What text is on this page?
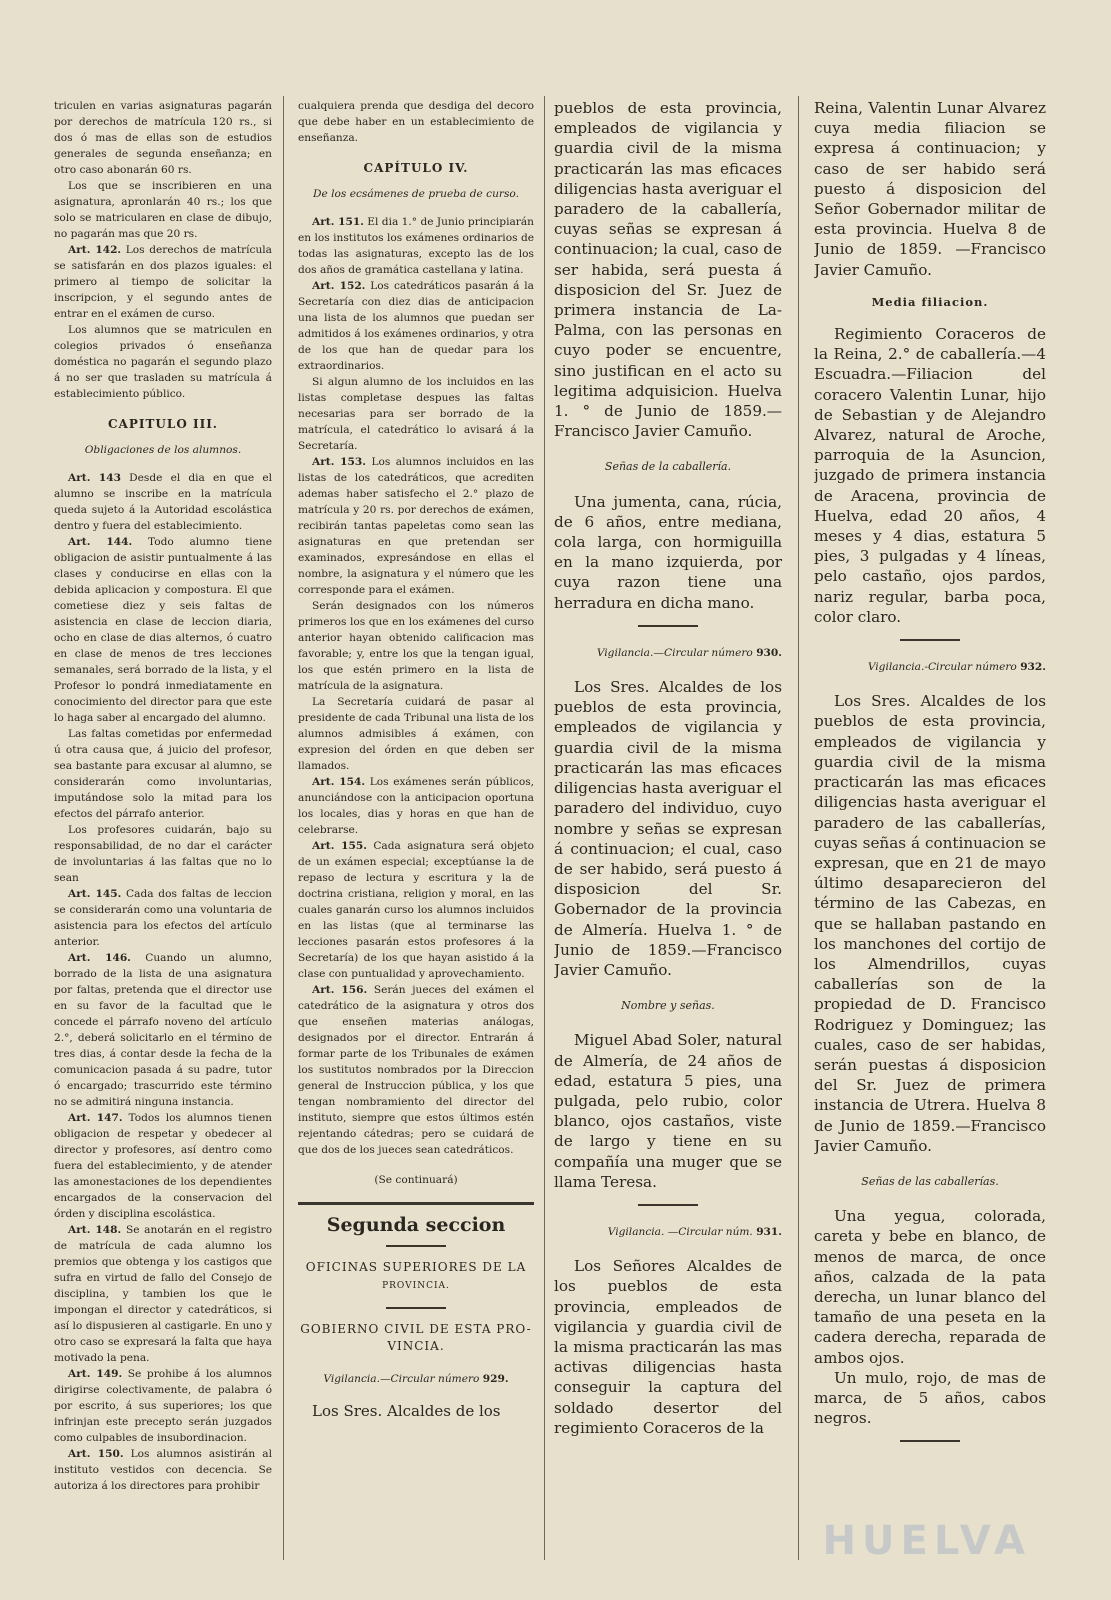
triculen en varias asignaturas pagarán por derechos de matrícula 120 rs., si dos ó mas de ellas son de estudios generales de segunda enseñanza; en otro caso abonarán 60 rs.

Los que se inscribieren en una asignatura, apronlarán 40 rs.; los que solo se matricularen en clase de dibujo, no pagarán mas que 20 rs.

Art. 142. Los derechos de matrícula se satisfarán en dos plazos iguales: el primero al tiempo de solicitar la inscripcion, y el segundo antes de entrar en el exámen de curso.

Los alumnos que se matriculen en colegios privados ó enseñanza doméstica no pagarán el segundo plazo á no ser que trasladen su matrícula á establecimiento público.

CAPITULO III.

Obligaciones de los alumnos.

Art. 143 Desde el dia en que el alumno se inscribe en la matrícula queda sujeto á la Autoridad escolástica dentro y fuera del establecimiento.

Art. 144. Todo alumno tiene obligacion de asistir puntualmente á las clases y conducirse en ellas con la debida aplicacion y compostura. El que cometiese diez y seis faltas de asistencia en clase de leccion diaria, ocho en clase de dias alternos, ó cuatro en clase de menos de tres lecciones semanales, será borrado de la lista, y el Profesor lo pondrá inmediatamente en conocimiento del director para que este lo haga saber al encargado del alumno.

Las faltas cometidas por enfermedad ú otra causa que, á juicio del profesor, sea bastante para excusar al alumno, se considerarán como involuntarias, imputándose solo la mitad para los efectos del párrafo anterior.

Los profesores cuidarán, bajo su responsabilidad, de no dar el carácter de involuntarias á las faltas que no lo sean

Art. 145. Cada dos faltas de leccion se considerarán como una voluntaria de asistencia para los efectos del artículo anterior.

Art. 146. Cuando un alumno, borrado de la lista de una asignatura por faltas, pretenda que el director use en su favor de la facultad que le concede el párrafo noveno del artículo 2.°, deberá solicitarlo en el término de tres dias, á contar desde la fecha de la comunicacion pasada á su padre, tutor ó encargado; trascurrido este término no se admitirá ninguna instancia.

Art. 147. Todos los alumnos tienen obligacion de respetar y obedecer al director y profesores, así dentro como fuera del establecimiento, y de atender las amonestaciones de los dependientes encargados de la conservacion del órden y disciplina escolástica.

Art. 148. Se anotarán en el registro de matrícula de cada alumno los premios que obtenga y los castigos que sufra en virtud de fallo del Consejo de disciplina, y tambien los que le impongan el director y catedráticos, si así lo dispusieren al castigarle. En uno y otro caso se expresará la falta que haya motivado la pena.

Art. 149. Se prohibe á los alumnos dirigirse colectivamente, de palabra ó por escrito, á sus superiores; los que infrinjan este precepto serán juzgados como culpables de insubordinacion.

Art. 150. Los alumnos asistirán al instituto vestidos con decencia. Se autoriza á los directores para prohibir

cualquiera prenda que desdiga del decoro que debe haber en un establecimiento de enseñanza.

CAPÍTULO IV.

De los ecsámenes de prueba de curso.

Art. 151. El dia 1.° de Junio principiarán en los institutos los exámenes ordinarios de todas las asignaturas, excepto las de los dos años de gramática castellana y latina.

Art. 152. Los catedráticos pasarán á la Secretaría con diez dias de anticipacion una lista de los alumnos que puedan ser admitidos á los exámenes ordinarios, y otra de los que han de quedar para los extraordinarios.

Si algun alumno de los incluidos en las listas completase despues las faltas necesarias para ser borrado de la matrícula, el catedrático lo avisará á la Secretaría.

Art. 153. Los alumnos incluidos en las listas de los catedráticos, que acrediten ademas haber satisfecho el 2.° plazo de matrícula y 20 rs. por derechos de exámen, recibirán tantas papeletas como sean las asignaturas en que pretendan ser examinados, expresándose en ellas el nombre, la asignatura y el número que les corresponde para el exámen.

Serán designados con los números primeros los que en los exámenes del curso anterior hayan obtenido calificacion mas favorable; y, entre los que la tengan igual, los que estén primero en la lista de matrícula de la asignatura.

La Secretaría cuidará de pasar al presidente de cada Tribunal una lista de los alumnos admisibles á exámen, con expresion del órden en que deben ser llamados.

Art. 154. Los exámenes serán públicos, anunciándose con la anticipacion oportuna los locales, dias y horas en que han de celebrarse.

Art. 155. Cada asignatura será objeto de un exámen especial; exceptúanse la de repaso de lectura y escritura y la de doctrina cristiana, religion y moral, en las cuales ganarán curso los alumnos incluidos en las listas (que al terminarse las lecciones pasarán estos profesores á la Secretaría) de los que hayan asistido á la clase con puntualidad y aprovechamiento.

Art. 156. Serán jueces del exámen el catedrático de la asignatura y otros dos que enseñen materias análogas, designados por el director. Entrarán á formar parte de los Tribunales de exámen los sustitutos nombrados por la Direccion general de Instruccion pública, y los que tengan nombramiento del director del instituto, siempre que estos últimos estén rejentando cátedras; pero se cuidará de que dos de los jueces sean catedráticos.

(Se continuará)

Segunda seccion

OFICINAS SUPERIORES DE LA
PROVINCIA.

GOBIERNO CIVIL DE ESTA PRO-
VINCIA.

Vigilancia.—Circular número 929.

Los Sres. Alcaldes de los

pueblos de esta provincia, empleados de vigilancia y guardia civil de la misma practicarán las mas eficaces diligencias hasta averiguar el paradero de la caballería, cuyas señas se expresan á continuacion; la cual, caso de ser habida, será puesta á disposicion del Sr. Juez de primera instancia de La-Palma, con las personas en cuyo poder se encuentre, sino justifican en el acto su legitima adquisicion. Huelva 1. ° de Junio de 1859.—Francisco Javier Camuño.

Señas de la caballería.

Una jumenta, cana, rúcia, de 6 años, entre mediana, cola larga, con hormiguilla en la mano izquierda, por cuya razon tiene una herradura en dicha mano.

Vigilancia.—Circular número 930.

Los Sres. Alcaldes de los pueblos de esta provincia, empleados de vigilancia y guardia civil de la misma practicarán las mas eficaces diligencias hasta averiguar el paradero del individuo, cuyo nombre y señas se expresan á continuacion; el cual, caso de ser habido, será puesto á disposicion del Sr. Gobernador de la provincia de Almería. Huelva 1. ° de Junio de 1859.—Francisco Javier Camuño.

Nombre y señas.

Miguel Abad Soler, natural de Almería, de 24 años de edad, estatura 5 pies, una pulgada, pelo rubio, color blanco, ojos castaños, viste de largo y tiene en su compañía una muger que se llama Teresa.

Vigilancia. —Circular núm. 931.

Los Señores Alcaldes de los pueblos de esta provincia, empleados de vigilancia y guardia civil de la misma practicarán las mas activas diligencias hasta conseguir la captura del soldado desertor del regimiento Coraceros de la

Reina, Valentin Lunar Alvarez cuya media filiacion se expresa á continuacion; y caso de ser habido será puesto á disposicion del Señor Gobernador militar de esta provincia. Huelva 8 de Junio de 1859. —Francisco Javier Camuño.

Media filiacion.

Regimiento Coraceros de la Reina, 2.° de caballería.—4 Escuadra.—Filiacion del coracero Valentin Lunar, hijo de Sebastian y de Alejandro Alvarez, natural de Aroche, parroquia de la Asuncion, juzgado de primera instancia de Aracena, provincia de Huelva, edad 20 años, 4 meses y 4 dias, estatura 5 pies, 3 pulgadas y 4 líneas, pelo castaño, ojos pardos, nariz regular, barba poca, color claro.

Vigilancia.-Circular número 932.

Los Sres. Alcaldes de los pueblos de esta provincia, empleados de vigilancia y guardia civil de la misma practicarán las mas eficaces diligencias hasta averiguar el paradero de las caballerías, cuyas señas á continuacion se expresan, que en 21 de mayo último desaparecieron del término de las Cabezas, en que se hallaban pastando en los manchones del cortijo de los Almendrillos, cuyas caballerías son de la propiedad de D. Francisco Rodriguez y Dominguez; las cuales, caso de ser habidas, serán puestas á disposicion del Sr. Juez de primera instancia de Utrera. Huelva 8 de Junio de 1859.—Francisco Javier Camuño.

Señas de las caballerías.

Una yegua, colorada, careta y bebe en blanco, de menos de marca, de once años, calzada de la pata derecha, un lunar blanco del tamaño de una peseta en la cadera derecha, reparada de ambos ojos.

Un mulo, rojo, de mas de marca, de 5 años, cabos negros.

HUELVA
